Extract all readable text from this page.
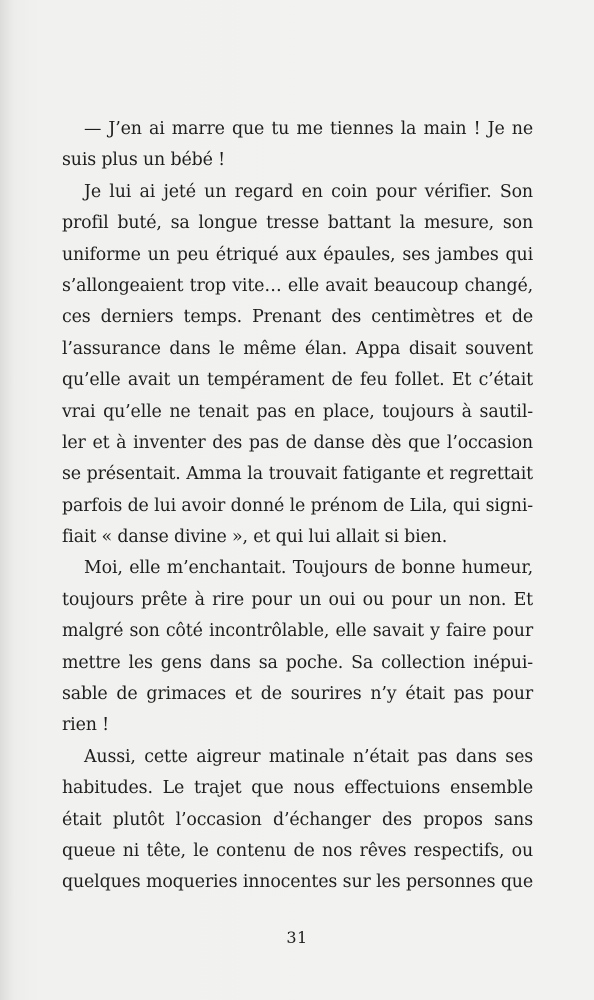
— J’en ai marre que tu me tiennes la main ! Je ne
suis plus un bébé !
Je lui ai jeté un regard en coin pour vérifier. Son
profil buté, sa longue tresse battant la mesure, son
uniforme un peu étriqué aux épaules, ses jambes qui
s’allongeaient trop vite… elle avait beaucoup changé,
ces derniers temps. Prenant des centimètres et de
l’assurance dans le même élan. Appa disait souvent
qu’elle avait un tempérament de feu follet. Et c’était
vrai qu’elle ne tenait pas en place, toujours à sautil-
ler et à inventer des pas de danse dès que l’occasion
se présentait. Amma la trouvait fatigante et regrettait
parfois de lui avoir donné le prénom de Lila, qui signi-
fiait « danse divine », et qui lui allait si bien.
Moi, elle m’enchantait. Toujours de bonne humeur,
toujours prête à rire pour un oui ou pour un non. Et
malgré son côté incontrôlable, elle savait y faire pour
mettre les gens dans sa poche. Sa collection inépui-
sable de grimaces et de sourires n’y était pas pour
rien !
Aussi, cette aigreur matinale n’était pas dans ses
habitudes. Le trajet que nous effectuions ensemble
était plutôt l’occasion d’échanger des propos sans
queue ni tête, le contenu de nos rêves respectifs, ou
quelques moqueries innocentes sur les personnes que
31
